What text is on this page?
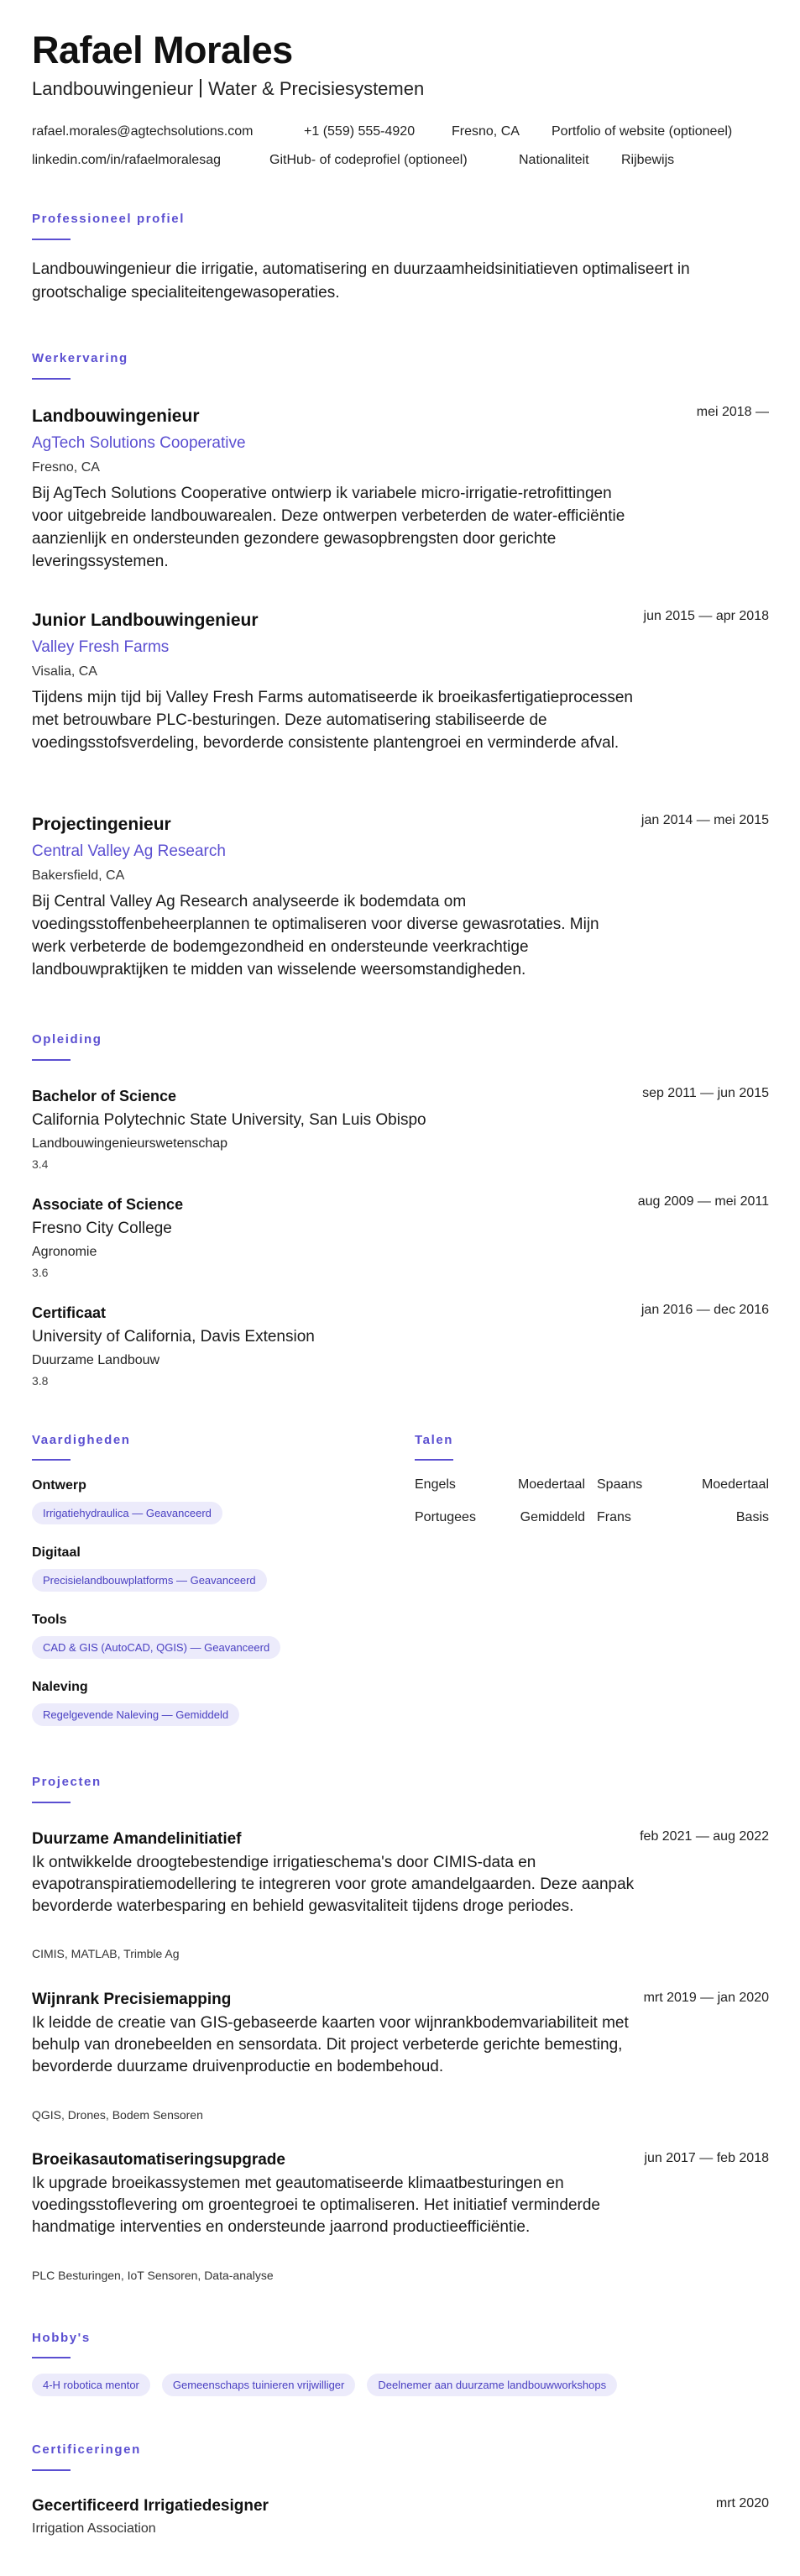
Rafael Morales
Landbouwingenieur Water & Precisiesystemen
rafael.morales@agtechsolutions.com	+1 (559) 555-4920	Fresno, CA Portfolio of website (optioneel)
linkedin.com/in/rafaelmoralesag	GitHub- of codeprofiel (optioneel)	Nationaliteit Rijbewijs
Professioneel profiel
Landbouwingenieur die irrigatie, automatisering en duurzaamheidsinitiatieven optimaliseert in grootschalige specialiteitengewasoperaties.
Werkervaring
Landbouwingenieur	mei 2018 —
AgTech Solutions Cooperative
Fresno, CA
Bij AgTech Solutions Cooperative ontwierp ik variabele micro-irrigatie-retrofittingen voor uitgebreide landbouwarealen. Deze ontwerpen verbeterden de water-efficiëntie aanzienlijk en ondersteunden gezondere gewasopbrengsten door gerichte leveringssystemen.
Junior Landbouwingenieur	jun 2015 — apr 2018
Valley Fresh Farms
Visalia, CA
Tijdens mijn tijd bij Valley Fresh Farms automatiseerde ik broeikasfertigatieprocessen met betrouwbare PLC-besturingen. Deze automatisering stabiliseerde de voedingsstofsverdeling, bevorderde consistente plantengroei en verminderde afval.
Projectingenieur	jan 2014 — mei 2015
Central Valley Ag Research
Bakersfield, CA
Bij Central Valley Ag Research analyseerde ik bodemdata om voedingsstoffenbeheerplannen te optimaliseren voor diverse gewasrotaties. Mijn werk verbeterde de bodemgezondheid en ondersteunde veerkrachtige landbouwpraktijken te midden van wisselende weersomstandigheden.
Opleiding
Bachelor of Science	sep 2011 — jun 2015
California Polytechnic State University, San Luis Obispo
Landbouwingenieurswetenschap
3.4
Associate of Science	aug 2009 — mei 2011
Fresno City College
Agronomie
3.6
Certificaat	jan 2016 — dec 2016
University of California, Davis Extension
Duurzame Landbouw
3.8
Vaardigheden
Ontwerp
Irrigatiehydraulica — Geavanceerd
Digitaal
Precisielandbouwplatforms — Geavanceerd
Tools
CAD & GIS (AutoCAD, QGIS) — Geavanceerd
Naleving
Regelgevende Naleving — Gemiddeld
Talen
Engels	Moedertaal Spaans	Moedertaal
Portugees	Gemiddeld Frans	Basis
Projecten
Duurzame Amandelinitiatief	feb 2021 — aug 2022
Ik ontwikkelde droogtebestendige irrigatieschema's door CIMIS-data en evapotranspiratiemodellering te integreren voor grote amandelgaarden. Deze aanpak bevorderde waterbesparing en behield gewasvitaliteit tijdens droge periodes.
CIMIS, MATLAB, Trimble Ag
Wijnrank Precisiemapping	mrt 2019 — jan 2020
Ik leidde de creatie van GIS-gebaseerde kaarten voor wijnrankbodemvariabiliteit met behulp van dronebeelden en sensordata. Dit project verbeterde gerichte bemesting, bevorderde duurzame druivenproductie en bodembehoud.
QGIS, Drones, Bodem Sensoren
Broeikasautomatiseringsupgrade	jun 2017 — feb 2018
Ik upgrade broeikassystemen met geautomatiseerde klimaatbesturingen en voedingsstoflevering om groentegroei te optimaliseren. Het initiatief verminderde handmatige interventies en ondersteunde jaarrond productieefficiëntie.
PLC Besturingen, IoT Sensoren, Data-analyse
Hobby's
4-H robotica mentor	Gemeenschaps tuinieren vrijwilliger	Deelnemer aan duurzame landbouwworkshops
Certificeringen
Gecertificeerd Irrigatiedesigner	mrt 2020
Irrigation Association
